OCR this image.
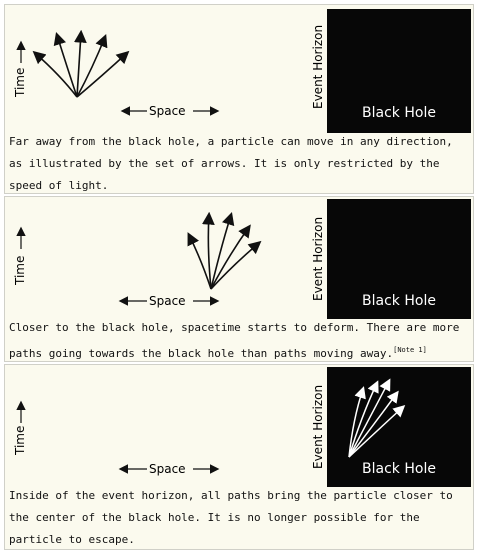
Time
Space
Event Horizon
Black Hole
Far away from the black hole, a particle can move in any direction,
as illustrated by the set of arrows. It is only restricted by the
speed of light.
Time
Space	Event Horizon	Black Hole
Closer to the black hole, spacetime starts to deform. There are more
paths going towards the black hole than paths moving away.[Note 1]
Time
Space	Event Horizon	Black Hole
Inside of the event horizon, all paths bring the particle closer to
the center of the black hole. It is no longer possible for the
particle to escape.
